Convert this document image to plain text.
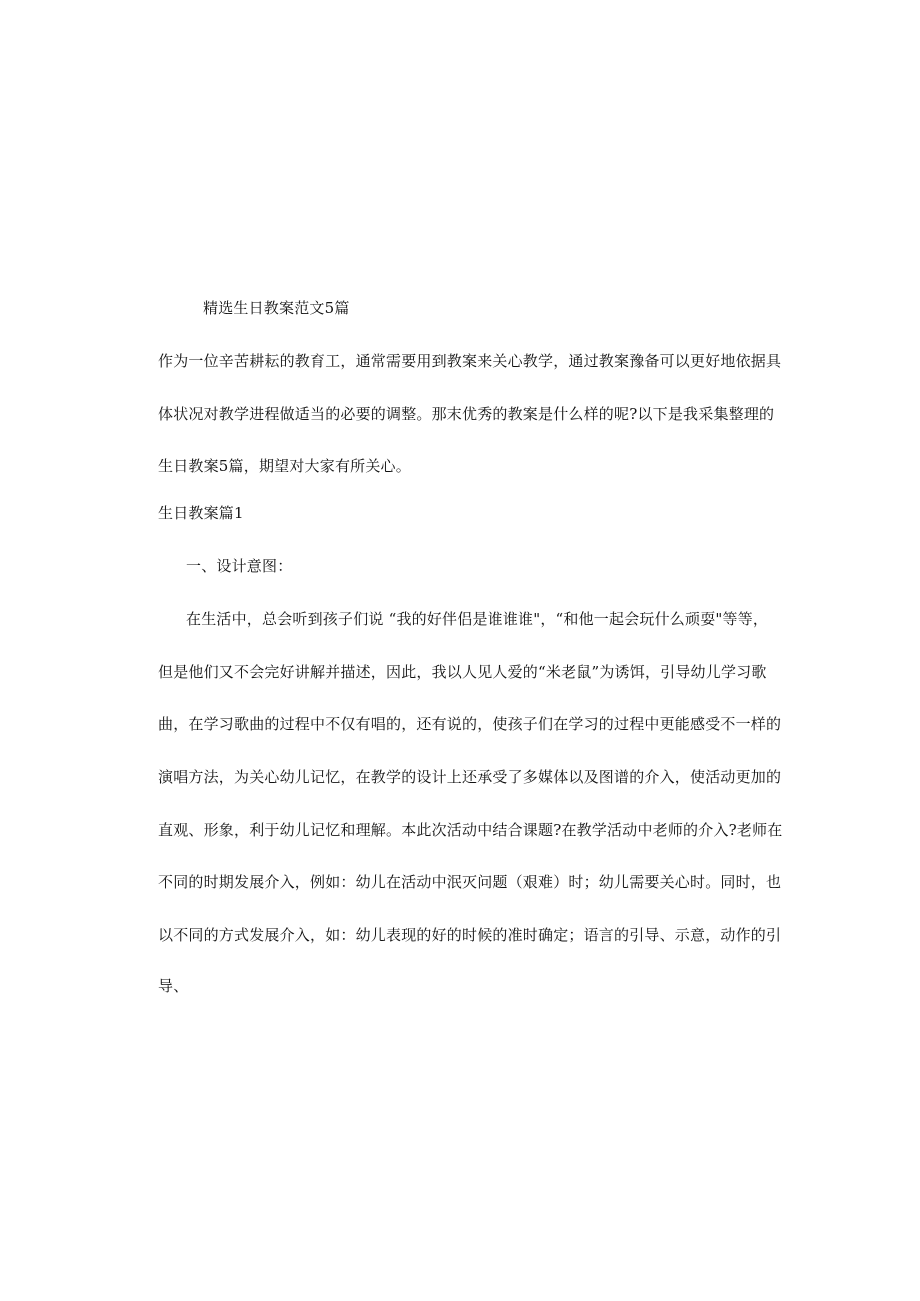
精选生日教案范文5篇
作为一位辛苦耕耘的教育工，通常需要用到教案来关心教学，通过教案豫备可以更好地依据具
体状况对教学进程做适当的必要的调整。那末优秀的教案是什么样的呢?以下是我采集整理的
生日教案5篇，期望对大家有所关心。
生日教案篇1
一、设计意图：
在生活中，总会听到孩子们说 “我的好伴侣是谁谁谁"，“和他一起会玩什么顽耍"等等，
但是他们又不会完好讲解并描述，因此，我以人见人爱的“米老鼠”为诱饵，引导幼儿学习歌
曲，在学习歌曲的过程中不仅有唱的，还有说的，使孩子们在学习的过程中更能感受不一样的
演唱方法，为关心幼儿记忆，在教学的设计上还承受了多媒体以及图谱的介入，使活动更加的
直观、形象，利于幼儿记忆和理解。本此次活动中结合课题?在教学活动中老师的介入?老师在
不同的时期发展介入，例如：幼儿在活动中泯灭问题（艰难）时；幼儿需要关心时。同时，也
以不同的方式发展介入，如：幼儿表现的好的时候的准时确定；语言的引导、示意，动作的引
导、
